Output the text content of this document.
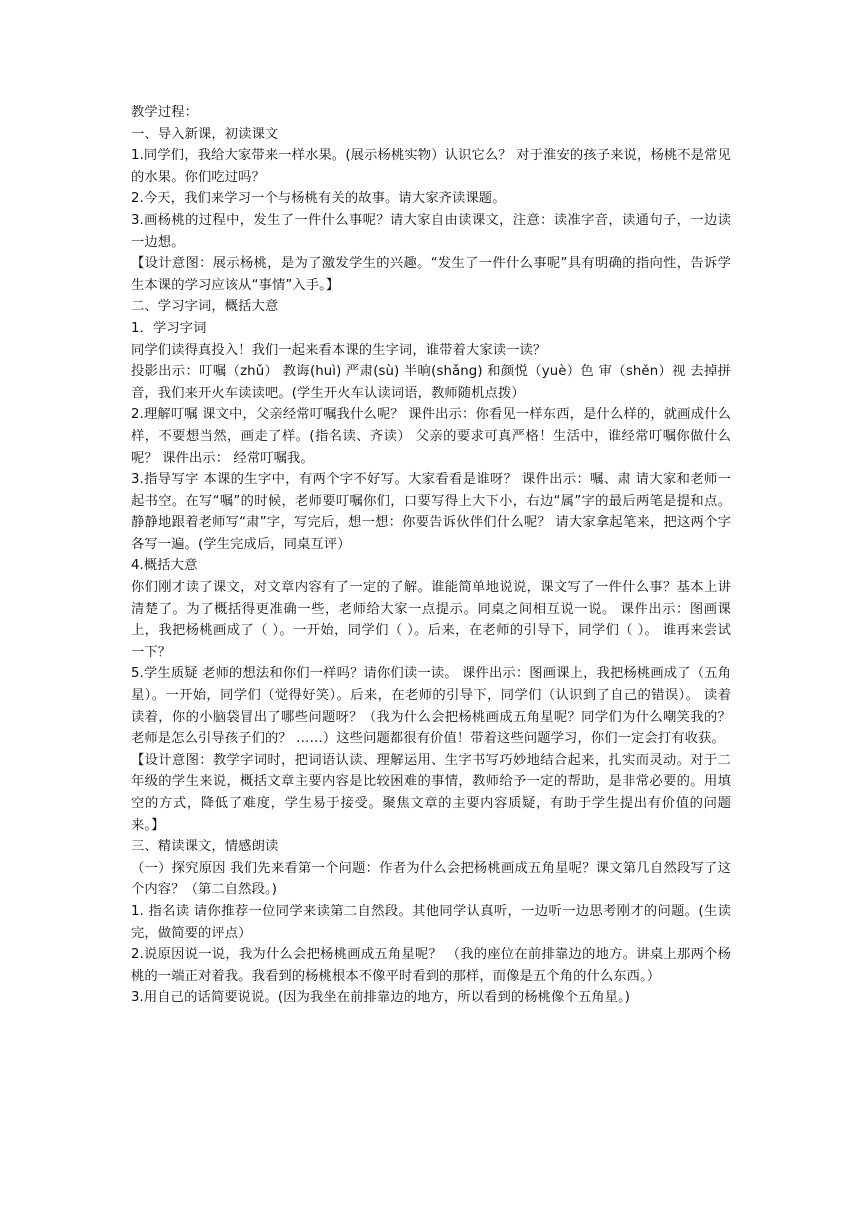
教学过程：

一、导入新课，初读课文

1.同学们，我给大家带来一样水果。(展示杨桃实物）认识它么？ 对于淮安的孩子来说，杨桃不是常见的水果。你们吃过吗？

2.今天，我们来学习一个与杨桃有关的故事。请大家齐读课题。

3.画杨桃的过程中，发生了一件什么事呢？请大家自由读课文，注意：读准字音，读通句子，一边读一边想。

【设计意图：展示杨桃，是为了激发学生的兴趣。“发生了一件什么事呢”具有明确的指向性，告诉学生本课的学习应该从“事情”入手。】

二、学习字词，概括大意

1．学习字词

同学们读得真投入！我们一起来看本课的生字词，谁带着大家读一读？

投影出示：叮嘱（zhǔ） 教诲(huì) 严肃(sù) 半晌(shǎng) 和颜悦（yuè）色 审（shěn）视 去掉拼音，我们来开火车读读吧。(学生开火车认读词语，教师随机点拨）

2.理解叮嘱 课文中，父亲经常叮嘱我什么呢？ 课件出示：你看见一样东西，是什么样的，就画成什么样，不要想当然，画走了样。(指名读、齐读） 父亲的要求可真严格！生活中，谁经常叮嘱你做什么呢？ 课件出示： 经常叮嘱我。

3.指导写字 本课的生字中，有两个字不好写。大家看看是谁呀？ 课件出示：嘱、肃 请大家和老师一起书空。在写“嘱”的时候，老师要叮嘱你们，口要写得上大下小，右边“属”字的最后两笔是提和点。 静静地跟着老师写“肃”字，写完后，想一想：你要告诉伙伴们什么呢？ 请大家拿起笔来，把这两个字各写一遍。(学生完成后，同桌互评）

4.概括大意

你们刚才读了课文，对文章内容有了一定的了解。谁能简单地说说，课文写了一件什么事？基本上讲清楚了。为了概括得更准确一些，老师给大家一点提示。同桌之间相互说一说。 课件出示：图画课上，我把杨桃画成了（ ）。一开始，同学们（ ）。后来，在老师的引导下，同学们（ ）。 谁再来尝试一下？

5.学生质疑 老师的想法和你们一样吗？请你们读一读。 课件出示：图画课上，我把杨桃画成了（五角星）。一开始，同学们（觉得好笑）。后来，在老师的引导下，同学们（认识到了自己的错误）。 读着读着，你的小脑袋冒出了哪些问题呀？（我为什么会把杨桃画成五角星呢？同学们为什么嘲笑我的？老师是怎么引导孩子们的？ ……）这些问题都很有价值！带着这些问题学习，你们一定会打有收获。

【设计意图：教学字词时，把词语认读、理解运用、生字书写巧妙地结合起来，扎实而灵动。对于二年级的学生来说，概括文章主要内容是比较困难的事情，教师给予一定的帮助，是非常必要的。用填空的方式，降低了难度，学生易于接受。聚焦文章的主要内容质疑，有助于学生提出有价值的问题来。】

三、精读课文，情感朗读

（一）探究原因 我们先来看第一个问题：作者为什么会把杨桃画成五角星呢？课文第几自然段写了这个内容？（第二自然段。)

1. 指名读 请你推荐一位同学来读第二自然段。其他同学认真听，一边听一边思考刚才的问题。(生读完，做简要的评点）

2.说原因说一说，我为什么会把杨桃画成五角星呢？ （我的座位在前排靠边的地方。讲桌上那两个杨桃的一端正对着我。我看到的杨桃根本不像平时看到的那样，而像是五个角的什么东西。）

3.用自己的话简要说说。(因为我坐在前排靠边的地方，所以看到的杨桃像个五角星。)
